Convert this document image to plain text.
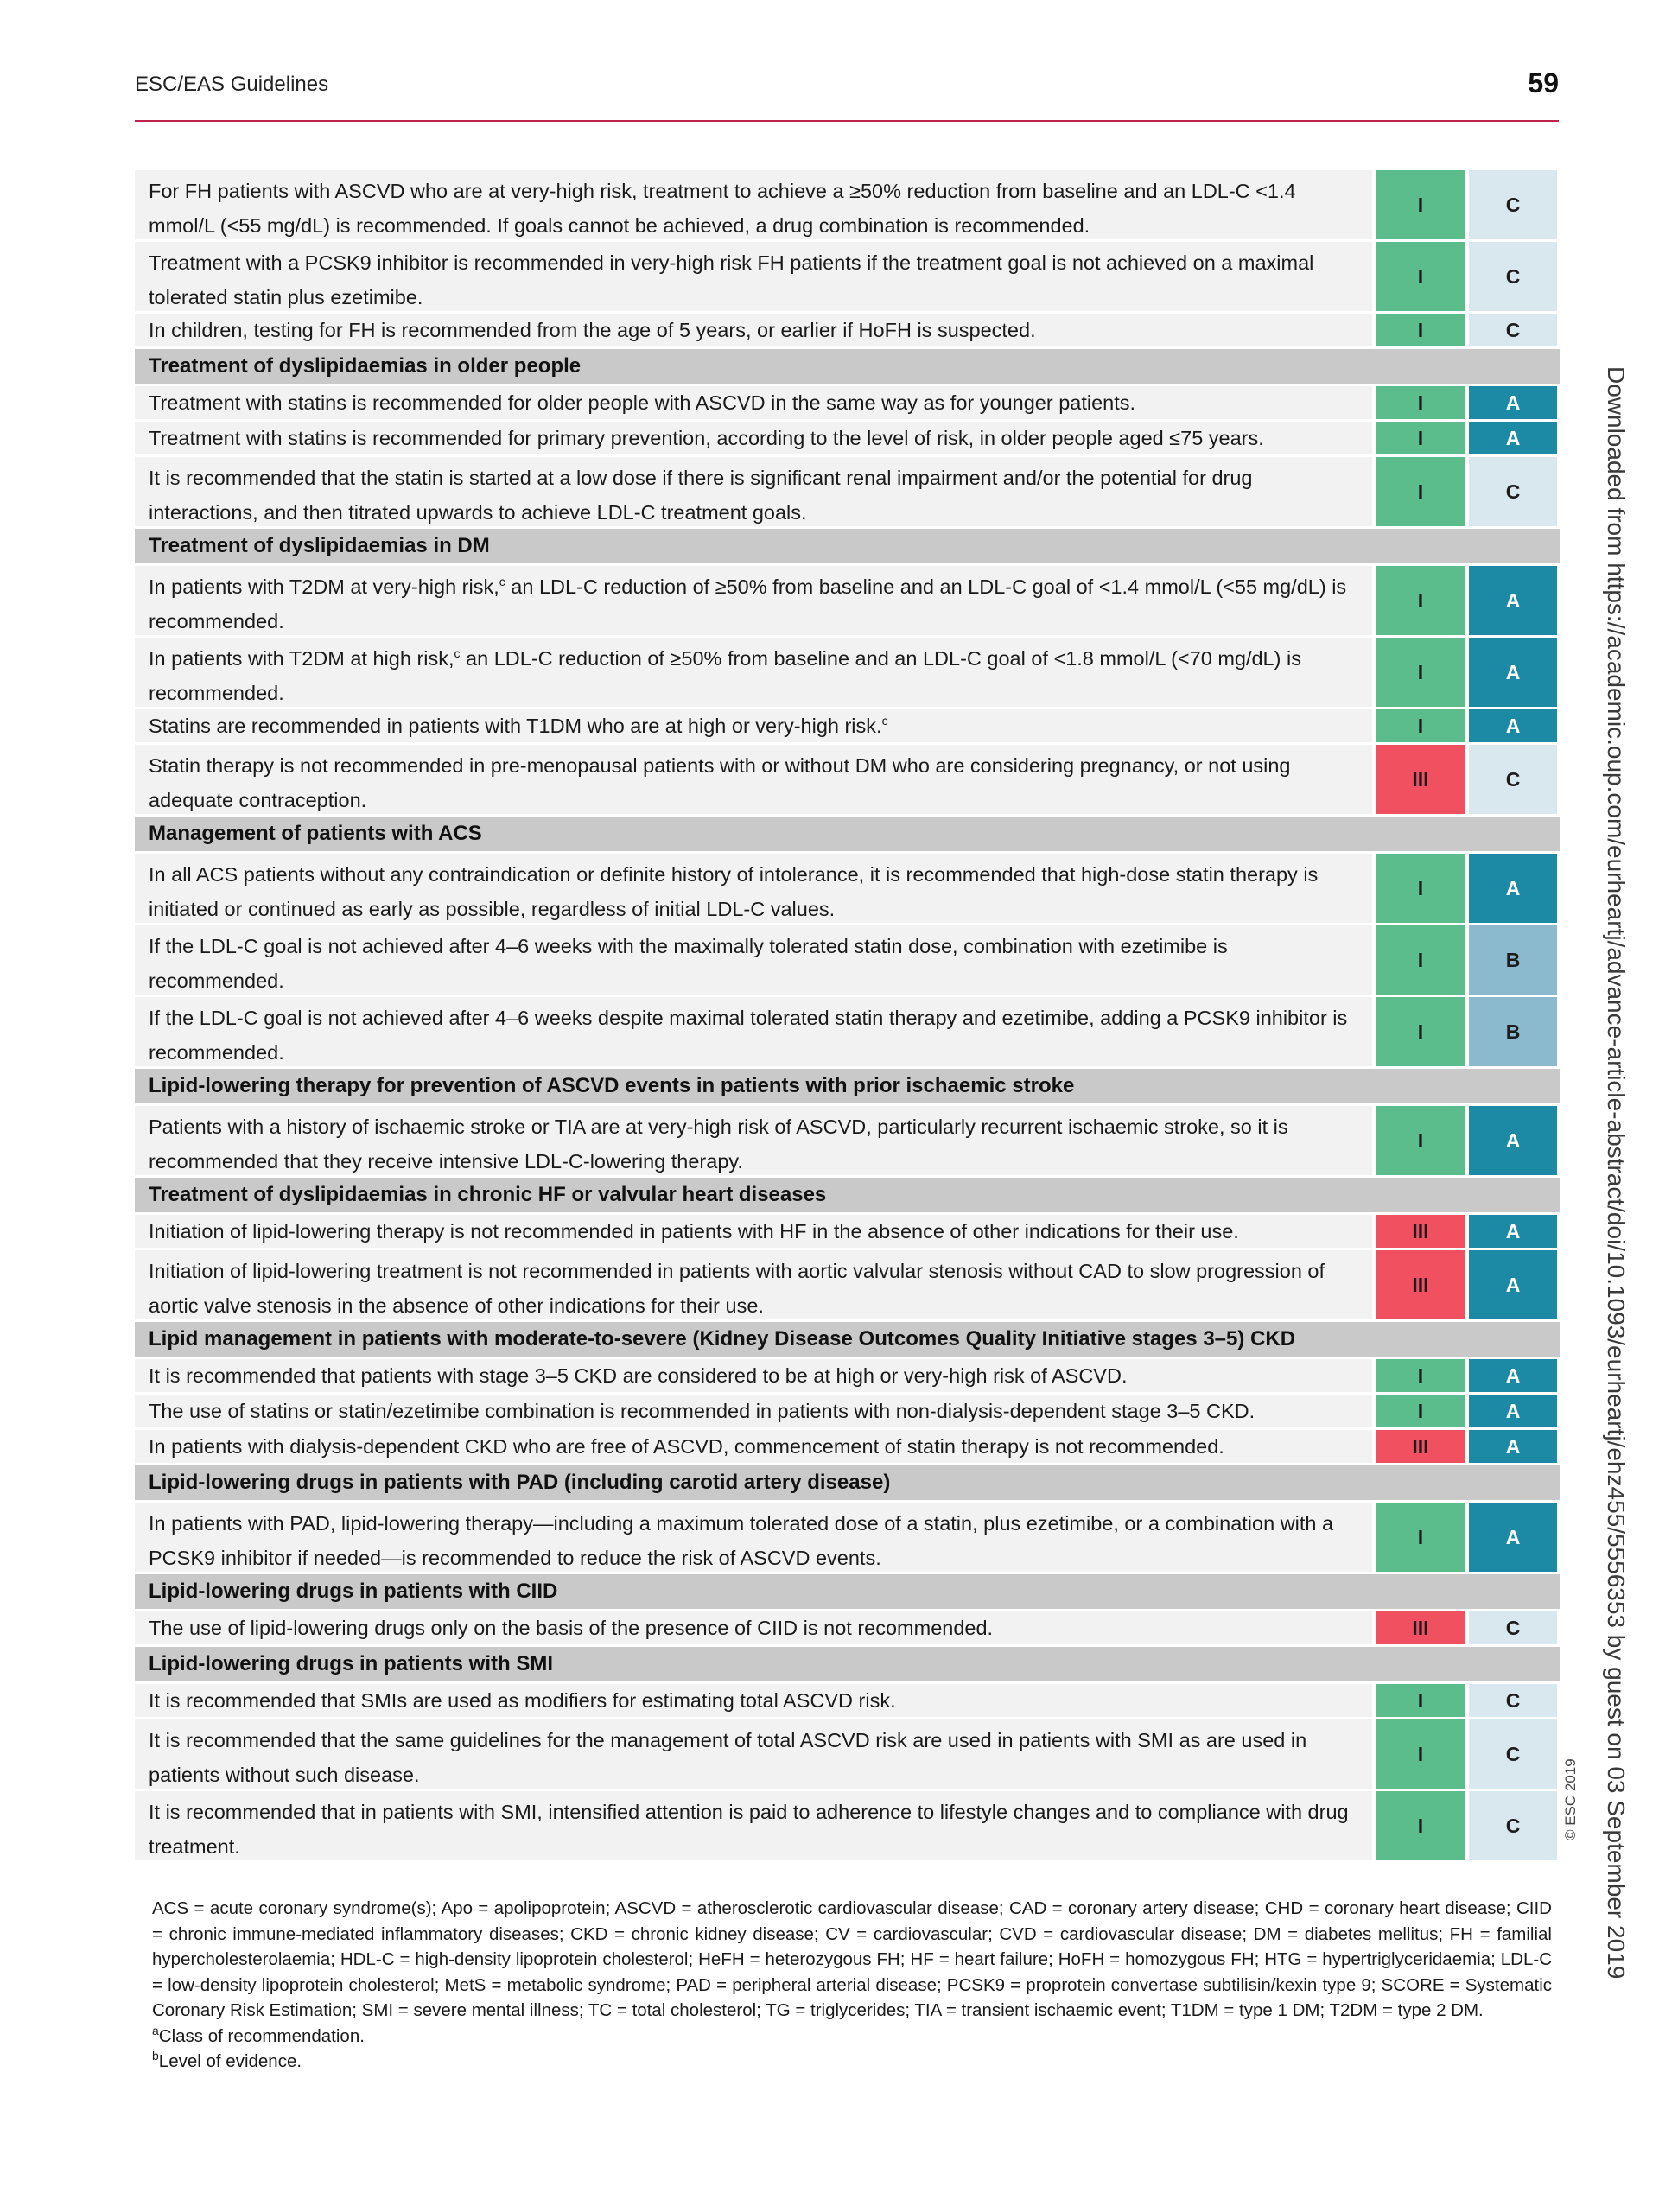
ESC/EAS Guidelines	59
For FH patients with ASCVD who are at very-high risk, treatment to achieve a ≥50% reduction from baseline and an LDL-C <1.4 mmol/L (<55 mg/dL) is recommended. If goals cannot be achieved, a drug combination is recommended.
I	C
Treatment with a PCSK9 inhibitor is recommended in very-high risk FH patients if the treatment goal is not achieved on a maximal tolerated statin plus ezetimibe.
I	C
In children, testing for FH is recommended from the age of 5 years, or earlier if HoFH is suspected.	I	C
Treatment of dyslipidaemias in older people
Treatment with statins is recommended for older people with ASCVD in the same way as for younger patients.	I	A
Treatment with statins is recommended for primary prevention, according to the level of risk, in older people aged ≤75 years.	I	A
It is recommended that the statin is started at a low dose if there is significant renal impairment and/or the potential for drug interactions, and then titrated upwards to achieve LDL-C treatment goals.
I	C
Treatment of dyslipidaemias in DM
In patients with T2DM at very-high risk,$^c$ an LDL-C reduction of ≥50% from baseline and an LDL-C goal of <1.4 mmol/L (<55 mg/dL) is recommended.
I	A
In patients with T2DM at high risk,$^c$ an LDL-C reduction of ≥50% from baseline and an LDL-C goal of <1.8 mmol/L (<70 mg/dL) is recommended.
I	A
Statins are recommended in patients with T1DM who are at high or very-high risk.$^c$	I	A
Statin therapy is not recommended in pre-menopausal patients with or without DM who are considering pregnancy, or not using adequate contraception.
III	C
Management of patients with ACS
In all ACS patients without any contraindication or definite history of intolerance, it is recommended that high-dose statin therapy is initiated or continued as early as possible, regardless of initial LDL-C values.
I	A
If the LDL-C goal is not achieved after 4–6 weeks with the maximally tolerated statin dose, combination with ezetimibe is recommended.
I	B
If the LDL-C goal is not achieved after 4–6 weeks despite maximal tolerated statin therapy and ezetimibe, adding a PCSK9 inhibitor is recommended.
I	B
Lipid-lowering therapy for prevention of ASCVD events in patients with prior ischaemic stroke
Patients with a history of ischaemic stroke or TIA are at very-high risk of ASCVD, particularly recurrent ischaemic stroke, so it is recommended that they receive intensive LDL-C-lowering therapy.
I	A
Treatment of dyslipidaemias in chronic HF or valvular heart diseases
Initiation of lipid-lowering therapy is not recommended in patients with HF in the absence of other indications for their use.	III	A
Initiation of lipid-lowering treatment is not recommended in patients with aortic valvular stenosis without CAD to slow progression of aortic valve stenosis in the absence of other indications for their use.
III	A
Lipid management in patients with moderate-to-severe (Kidney Disease Outcomes Quality Initiative stages 3–5) CKD
It is recommended that patients with stage 3–5 CKD are considered to be at high or very-high risk of ASCVD.	I	A
The use of statins or statin/ezetimibe combination is recommended in patients with non-dialysis-dependent stage 3–5 CKD.	I	A
In patients with dialysis-dependent CKD who are free of ASCVD, commencement of statin therapy is not recommended.	III	A
Lipid-lowering drugs in patients with PAD (including carotid artery disease)
In patients with PAD, lipid-lowering therapy—including a maximum tolerated dose of a statin, plus ezetimibe, or a combination with a PCSK9 inhibitor if needed—is recommended to reduce the risk of ASCVD events.
I	A
Lipid-lowering drugs in patients with CIID
The use of lipid-lowering drugs only on the basis of the presence of CIID is not recommended.	III	C
Lipid-lowering drugs in patients with SMI
It is recommended that SMIs are used as modifiers for estimating total ASCVD risk.	I	C
It is recommended that the same guidelines for the management of total ASCVD risk are used in patients with SMI as are used in patients without such disease.
I	C
It is recommended that in patients with SMI, intensified attention is paid to adherence to lifestyle changes and to compliance with drug treatment.
I	C	© ESC 2019 Downloaded from https://academic.oup.com/eurheartj/advance-article-abstract/doi/10.1093/eurheartj/ehz455/5556353 by guest on 03 September 2019

ACS = acute coronary syndrome(s); Apo = apolipoprotein; ASCVD = atherosclerotic cardiovascular disease; CAD = coronary artery disease; CHD = coronary heart disease; CIID = chronic immune-mediated inflammatory diseases; CKD = chronic kidney disease; CV = cardiovascular; CVD = cardiovascular disease; DM = diabetes mellitus; FH = familial hypercholesterolaemia; HDL-C = high-density lipoprotein cholesterol; HeFH = heterozygous FH; HF = heart failure; HoFH = homozygous FH; HTG = hypertriglyceridaemia; LDL-C = low-density lipoprotein cholesterol; MetS = metabolic syndrome; PAD = peripheral arterial disease; PCSK9 = proprotein convertase subtilisin/kexin type 9; SCORE = Systematic Coronary Risk Estimation; SMI = severe mental illness; TC = total cholesterol; TG = triglycerides; TIA = transient ischaemic event; T1DM = type 1 DM; T2DM = type 2 DM.

$^a$Class of recommendation.

$^b$Level of evidence.
